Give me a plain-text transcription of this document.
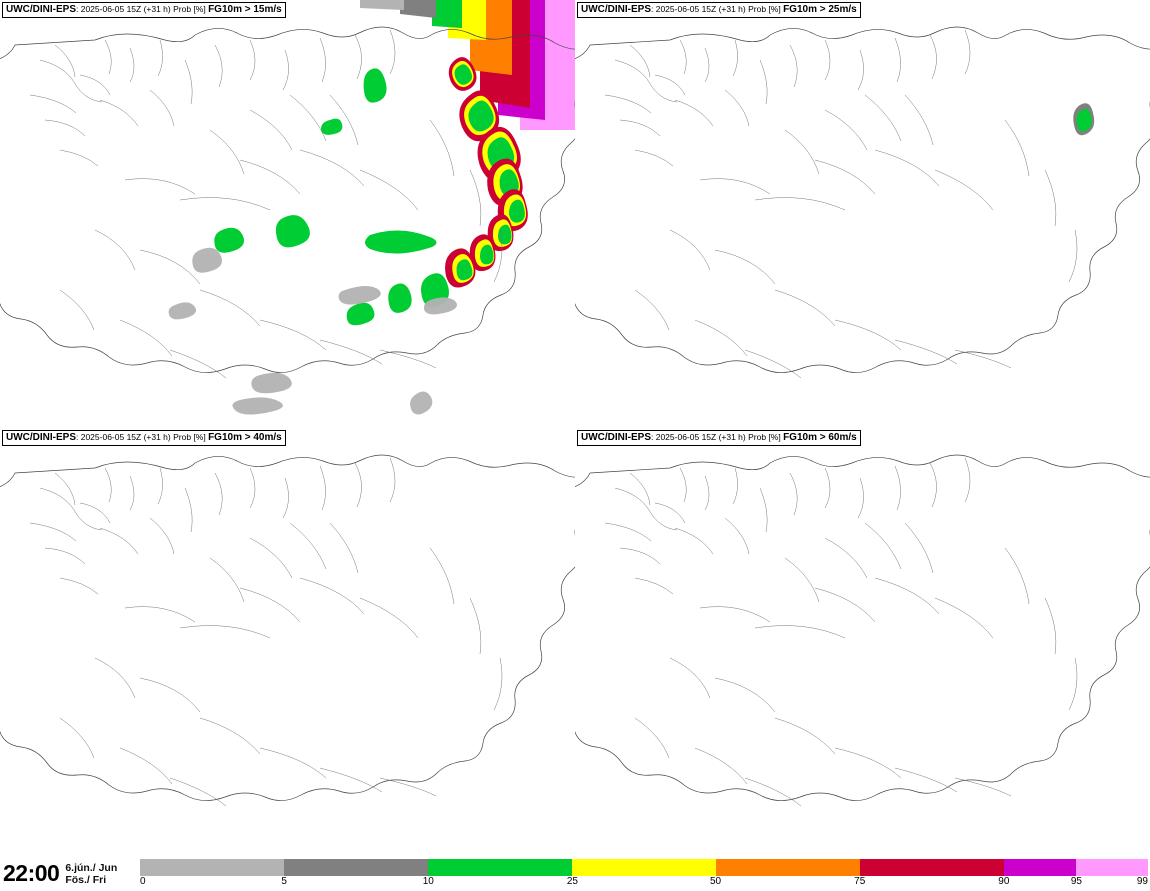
UWC/DINI-EPS: 2025-06-05 15Z (+31 h) Prob [%] FG10m > 15m/s	UWC/DINI-EPS: 2025-06-05 15Z (+31 h) Prob [%] FG10m > 25m/s
UWC/DINI-EPS: 2025-06-05 15Z (+31 h) Prob [%] FG10m > 40m/s	UWC/DINI-EPS: 2025-06-05 15Z (+31 h) Prob [%] FG10m > 60m/s
22:00 6.jún./ Jun
Fös./ Fri	0	5	10	25	50	75	90	95	99
